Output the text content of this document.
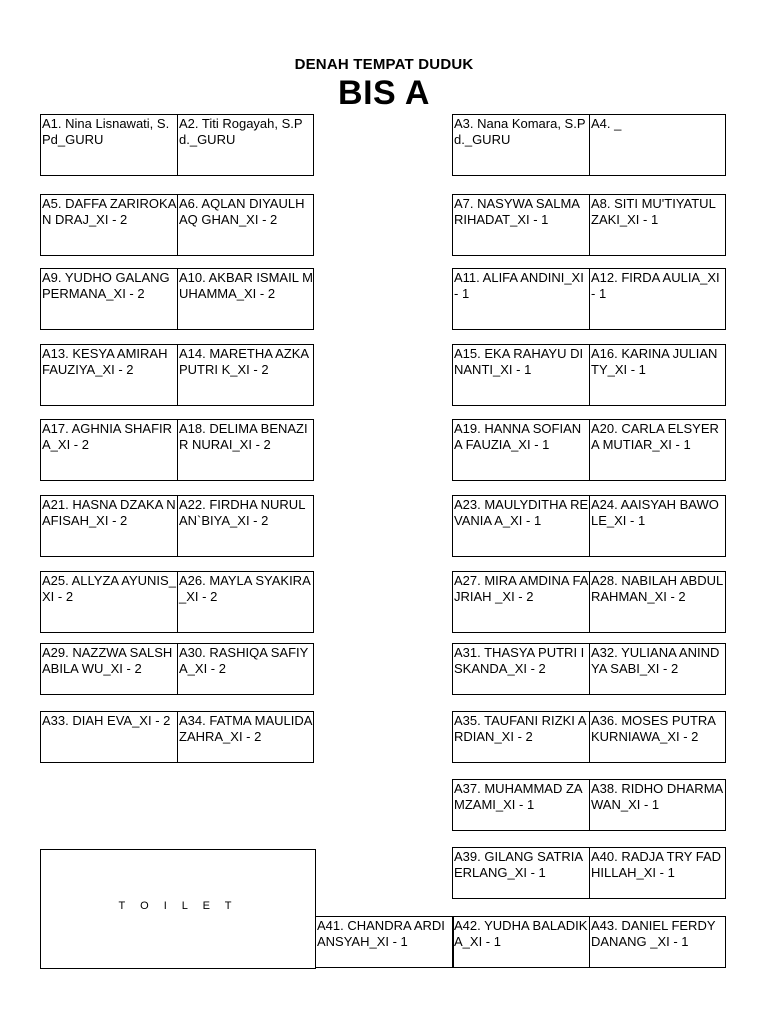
DENAH TEMPAT DUDUK
BIS A
A1. Nina Lisnawati, S.Pd_GURU
A2. Titi Rogayah, S.Pd._GURU
A3. Nana Komara, S.Pd._GURU
A4. _
A5. DAFFA ZARIROKAN DRAJ_XI - 2
A6. AQLAN DIYAULHAQ GHAN_XI - 2
A7. NASYWA SALMA RIHADAT_XI - 1
A8. SITI MU'TIYATUL ZAKI_XI - 1
A9. YUDHO GALANG PERMANA_XI - 2
A10. AKBAR ISMAIL MUHAMMA_XI - 2
A11. ALIFA ANDINI_XI - 1
A12. FIRDA AULIA_XI - 1
A13. KESYA AMIRAH FAUZIYA_XI - 2
A14. MARETHA AZKA PUTRI K_XI - 2
A15. EKA RAHAYU DINANTI_XI - 1
A16. KARINA JULIANTY_XI - 1
A17. AGHNIA SHAFIRA_XI - 2
A18. DELIMA BENAZIR NURAI_XI - 2
A19. HANNA SOFIANA FAUZIA_XI - 1
A20. CARLA ELSYERA MUTIAR_XI - 1
A21. HASNA DZAKA NAFISAH_XI - 2
A22. FIRDHA NURUL AN`BIYA_XI - 2
A23. MAULYDITHA REVANIA A_XI - 1
A24. AAISYAH BAWOLE_XI - 1
A25. ALLYZA AYUNIS_XI - 2
A26. MAYLA SYAKIRA_XI - 2
A27. MIRA AMDINA FAJRIAH _XI - 2
A28. NABILAH ABDUL RAHMAN_XI - 2
A29. NAZZWA SALSHABILA WU_XI - 2
A30. RASHIQA SAFIYA_XI - 2
A31. THASYA PUTRI ISKANDA_XI - 2
A32. YULIANA ANINDYA SABI_XI - 2
A33. DIAH EVA_XI - 2 A34. FATMA MAULIDA ZAHRA_XI - 2
A35. TAUFANI RIZKI ARDIAN_XI - 2
A36. MOSES PUTRA KURNIAWA_XI - 2
A37. MUHAMMAD ZAMZAMI_XI - 1
A38. RIDHO DHARMAWAN_XI - 1
A39. GILANG SATRIA ERLANG_XI - 1
A40. RADJA TRY FADHILLAH_XI - 1
T O I L E T
A41. CHANDRA ARDIANSYAH_XI - 1
A42. YUDHA BALADIKA_XI - 1
A43. DANIEL FERDY DANANG _XI - 1
